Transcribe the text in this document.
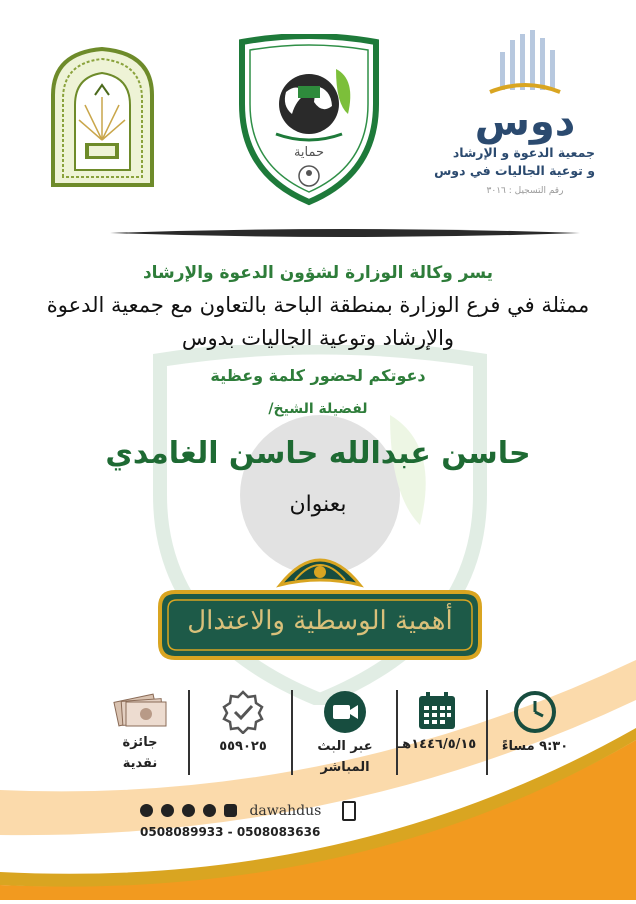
حماية
دوس
جمعية الدعوة و الإرشاد
و توعية الجاليات في دوس
رقم التسجيل : ٣٠١٦
يسر وكالة الوزارة لشؤون الدعوة والإرشاد
ممثلة في فرع الوزارة بمنطقة الباحة بالتعاون مع جمعية الدعوة
والإرشاد وتوعية الجاليات بدوس
دعوتكم لحضور كلمة وعظية
لفضيلة الشيخ/
حاسن عبدالله حاسن الغامدي
بعنوان
أهمية الوسطية والاعتدال
جائزة
نقدية
٥٥٩٠٢٥	عبر البث
المباشر
١٤٤٦/٥/١٥هـ	٩:٣٠ مساءً
dawahdus  0508089933 - 0508083636
